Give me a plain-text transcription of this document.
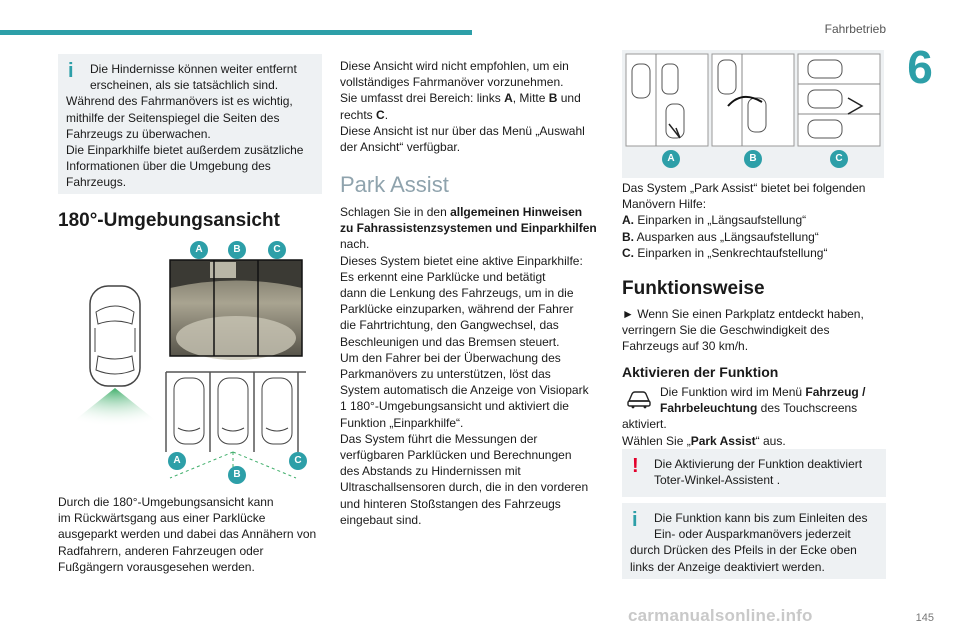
Fahrbetrieb
6
i	Die Hindernisse können weiter entfernt
erscheinen, als sie tatsächlich sind.
Während des Fahrmanövers ist es wichtig,
mithilfe der Seitenspiegel die Seiten des
Fahrzeugs zu überwachen.
Die Einparkhilfe bietet außerdem zusätzliche
Informationen über die Umgebung des
Fahrzeugs.
180°-Umgebungsansicht
A	B	C
A
B
C
Durch die 180°-Umgebungsansicht kann
im Rückwärtsgang aus einer Parklücke
ausgeparkt werden und dabei das Annähern von
Radfahrern, anderen Fahrzeugen oder
Fußgängern vorausgesehen werden.
Diese Ansicht wird nicht empfohlen, um ein
vollständiges Fahrmanöver vorzunehmen.
Sie umfasst drei Bereich: links A, Mitte B und
rechts C.
Diese Ansicht ist nur über das Menü „Auswahl
der Ansicht“ verfügbar.
Park Assist
Schlagen Sie in den allgemeinen Hinweisen
zu Fahrassistenzsystemen und Einparkhilfen
nach.
Dieses System bietet eine aktive Einparkhilfe:
Es erkennt eine Parklücke und betätigt
dann die Lenkung des Fahrzeugs, um in die
Parklücke einzuparken, während der Fahrer
die Fahrtrichtung, den Gangwechsel, das
Beschleunigen und das Bremsen steuert.
Um den Fahrer bei der Überwachung des
Parkmanövers zu unterstützen, löst das
System automatisch die Anzeige von Visiopark
1 180°-Umgebungsansicht und aktiviert die
Funktion „Einparkhilfe“.
Das System führt die Messungen der
verfügbaren Parklücken und Berechnungen
des Abstands zu Hindernissen mit
Ultraschallsensoren durch, die in den vorderen
und hinteren Stoßstangen des Fahrzeugs
eingebaut sind.
A	B	C
Das System „Park Assist“ bietet bei folgenden
Manövern Hilfe:
A. Einparken in „Längsaufstellung“
B. Ausparken aus „Längsaufstellung“
C. Einparken in „Senkrechtaufstellung“
Funktionsweise
► Wenn Sie einen Parkplatz entdeckt haben,
verringern Sie die Geschwindigkeit des
Fahrzeugs auf 30 km/h.
Aktivieren der Funktion
Die Funktion wird im Menü Fahrzeug /
Fahrbeleuchtung des Touchscreens
aktiviert.
Wählen Sie „Park Assist“ aus.
!	Die Aktivierung der Funktion deaktiviert
Toter-Winkel-Assistent .
i	Die Funktion kann bis zum Einleiten des
Ein- oder Ausparkmanövers jederzeit
durch Drücken des Pfeils in der Ecke oben
links der Anzeige deaktiviert werden.
carmanualsonline.info	145
